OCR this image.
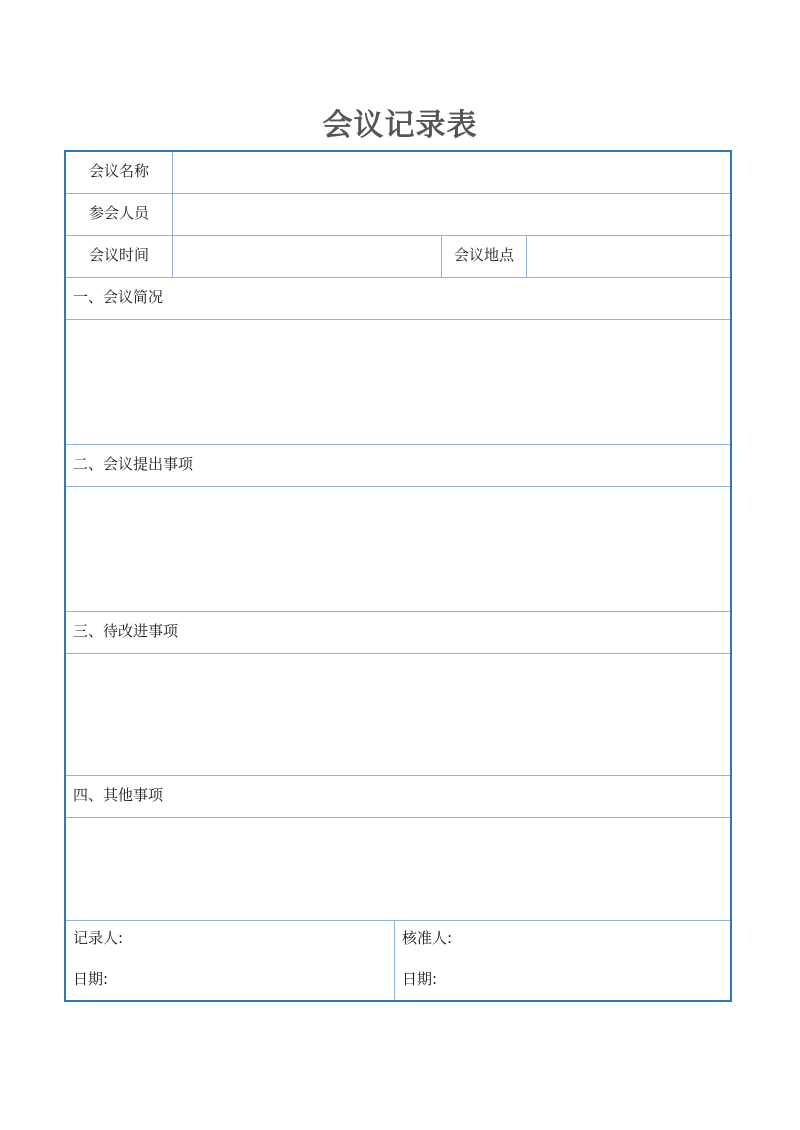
会议记录表
会议名称
参会人员
会议时间	会议地点
一、会议简况
二、会议提出事项
三、待改进事项
四、其他事项
记录人:
日期:
核准人:
日期:
